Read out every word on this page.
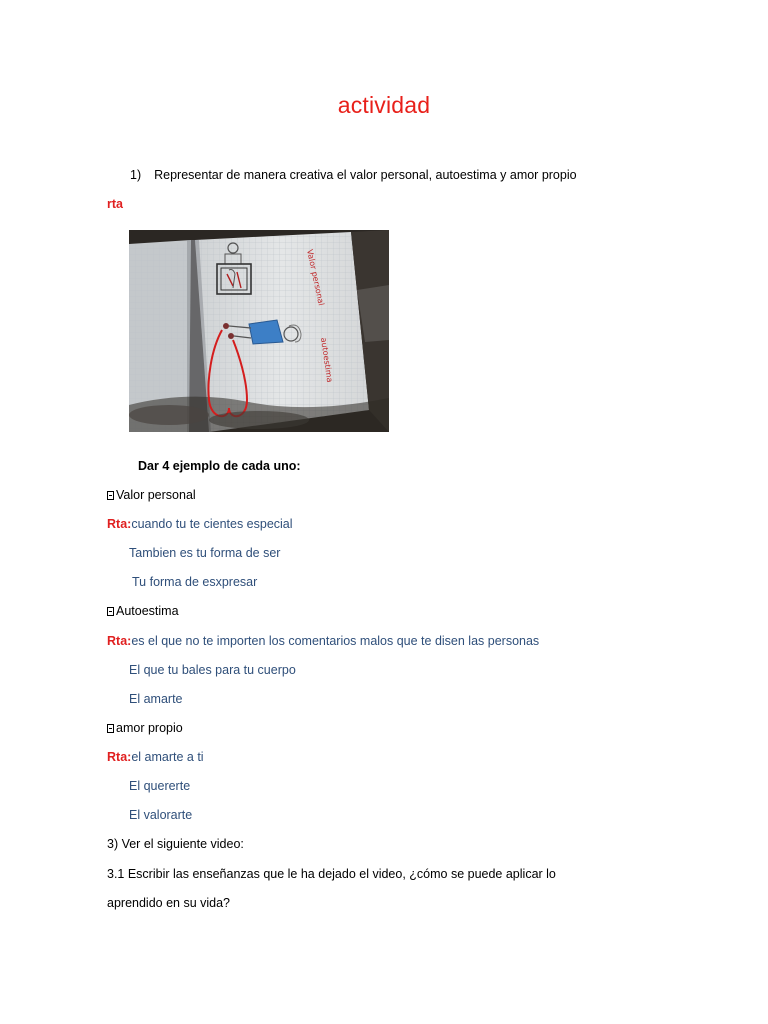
actividad
1) Representar de manera creativa el valor personal, autoestima y amor propio
rta
Valor personal
autoestima
Dar 4 ejemplo de cada uno:
Valor personal
Rta:cuando tu te cientes especial
Tambien es tu forma de ser
Tu forma de esxpresar
Autoestima
Rta:es el que no te importen los comentarios malos que te disen las personas
El que tu bales para tu cuerpo
El amarte
amor propio
Rta:el amarte a ti
El quererte
El valorarte
3) Ver el siguiente video:
3.1 Escribir las enseñanzas que le ha dejado el video, ¿cómo se puede aplicar lo
aprendido en su vida?
